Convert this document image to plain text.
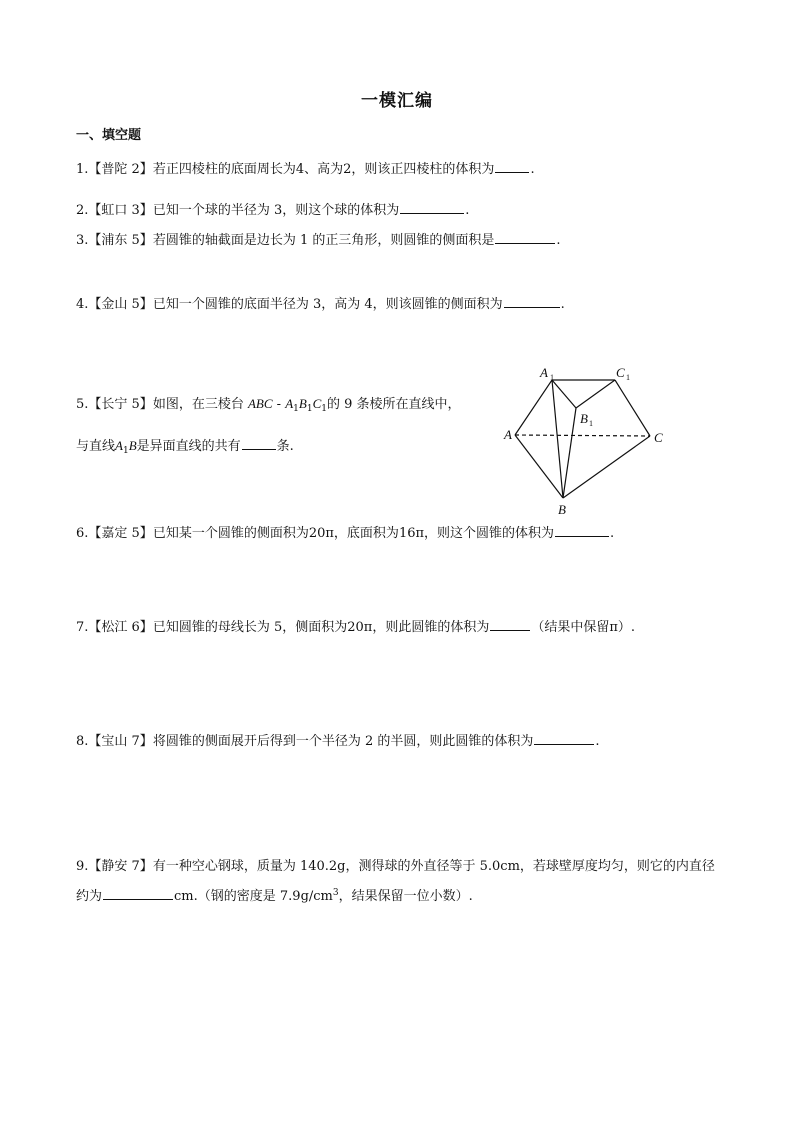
一模汇编
一、填空题
1.【普陀 2】若正四棱柱的底面周长为4、高为2，则该正四棱柱的体积为	.
2.【虹口 3】已知一个球的半径为 3，则这个球的体积为	.
3.【浦东 5】若圆锥的轴截面是边长为 1 的正三角形，则圆锥的侧面积是	.
4.【金山 5】已知一个圆锥的底面半径为 3，高为 4，则该圆锥的侧面积为	.
5.【长宁 5】如图，在三棱台 ABC - $A_1B_1C_1$的 9 条棱所在直线中，
与直线$A_1B$是异面直线的共有	条.
A 1	C 1
B 1
A	C
B
6.【嘉定 5】已知某一个圆锥的侧面积为20π，底面积为16π，则这个圆锥的体积为	.
7.【松江 6】已知圆锥的母线长为 5，侧面积为20π，则此圆锥的体积为	（结果中保留π）.
8.【宝山 7】将圆锥的侧面展开后得到一个半径为 2 的半圆，则此圆锥的体积为	.
9.【静安 7】有一种空心钢球，质量为 140.2g，测得球的外直径等于 5.0cm，若球壁厚度均匀，则它的内直径约为	cm.（钢的密度是 $7.9g/cm^3$，结果保留一位小数）.
